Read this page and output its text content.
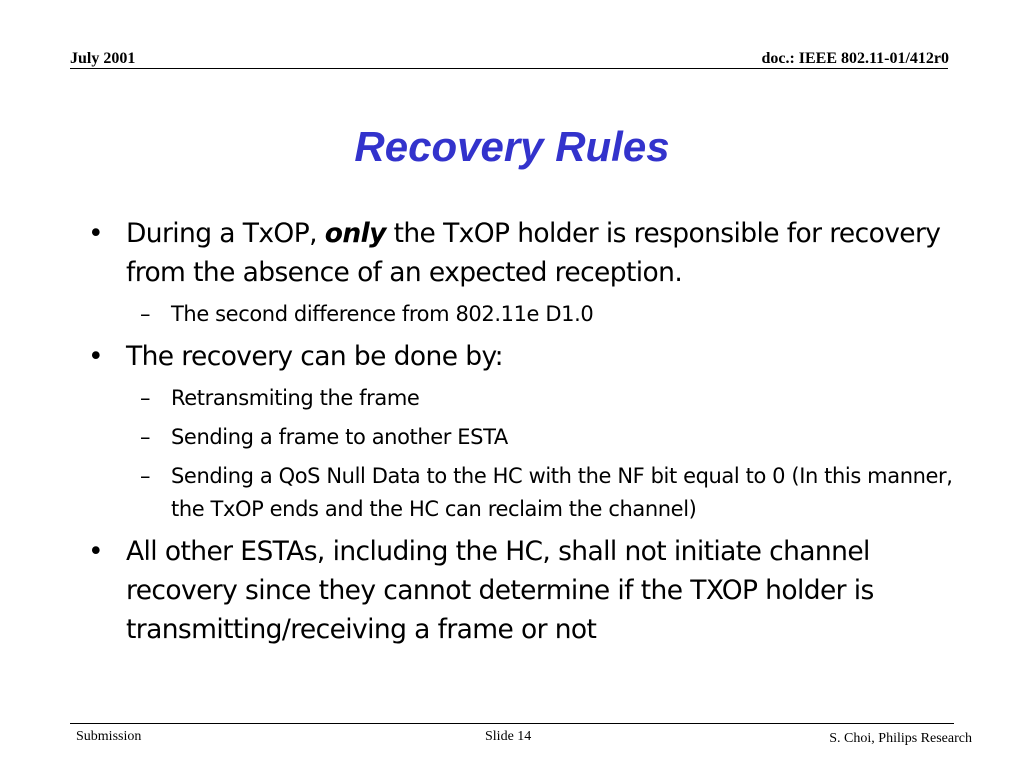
July 2001	doc.: IEEE 802.11-01/412r0
Recovery Rules
• During a TxOP, only the TxOP holder is responsible for recovery from the absence of an expected reception.
– The second difference from 802.11e D1.0
• The recovery can be done by:
– Retransmiting the frame
– Sending a frame to another ESTA
– Sending a QoS Null Data to the HC with the NF bit equal to 0 (In this manner, the TxOP ends and the HC can reclaim the channel)
• All other ESTAs, including the HC, shall not initiate channel recovery since they cannot determine if the TXOP holder is transmitting/receiving a frame or not
Submission	Slide 14	S. Choi, Philips Research
